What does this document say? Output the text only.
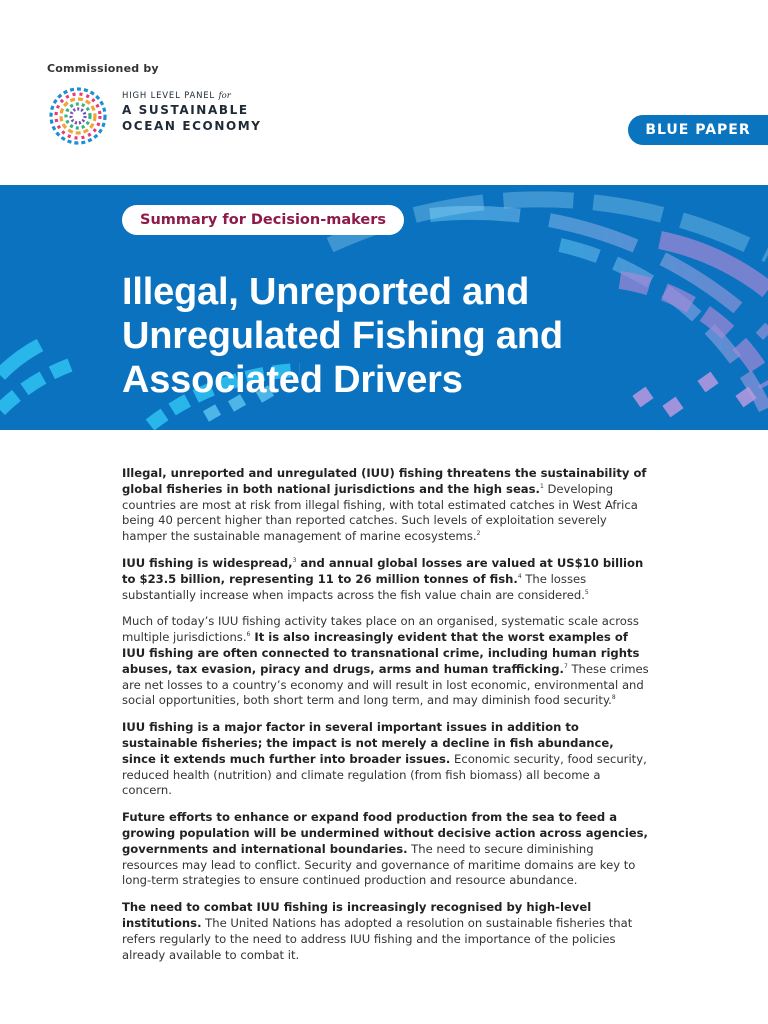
Commissioned by
HIGH LEVEL PANEL for
A SUSTAINABLE
OCEAN ECONOMY	BLUE PAPER
Summary for Decision-makers
Illegal, Unreported and Unregulated Fishing and Associated Drivers

Illegal, unreported and unregulated (IUU) fishing threatens the sustainability of global fisheries in both national jurisdictions and the high seas.$^1$ Developing countries are most at risk from illegal fishing, with total estimated catches in West Africa being 40 percent higher than reported catches. Such levels of exploitation severely hamper the sustainable management of marine ecosystems.$^2$

IUU fishing is widespread,$^3$ and annual global losses are valued at US$10 billion to $23.5 billion, representing 11 to 26 million tonnes of fish.$^4$ The losses substantially increase when impacts across the fish value chain are considered.$^5$

Much of today’s IUU fishing activity takes place on an organised, systematic scale across multiple jurisdictions.$^6$ It is also increasingly evident that the worst examples of IUU fishing are often connected to transnational crime, including human rights abuses, tax evasion, piracy and drugs, arms and human trafficking.$^7$ These crimes are net losses to a country’s economy and will result in lost economic, environmental and social opportunities, both short term and long term, and may diminish food security.$^8$

IUU fishing is a major factor in several important issues in addition to sustainable fisheries; the impact is not merely a decline in fish abundance, since it extends much further into broader issues. Economic security, food security, reduced health (nutrition) and climate regulation (from fish biomass) all become a concern.

Future efforts to enhance or expand food production from the sea to feed a growing population will be undermined without decisive action across agencies, governments and international boundaries. The need to secure diminishing resources may lead to conflict. Security and governance of maritime domains are key to long-term strategies to ensure continued production and resource abundance.

The need to combat IUU fishing is increasingly recognised by high-level institutions. The United Nations has adopted a resolution on sustainable fisheries that refers regularly to the need to address IUU fishing and the importance of the policies already available to combat it.
